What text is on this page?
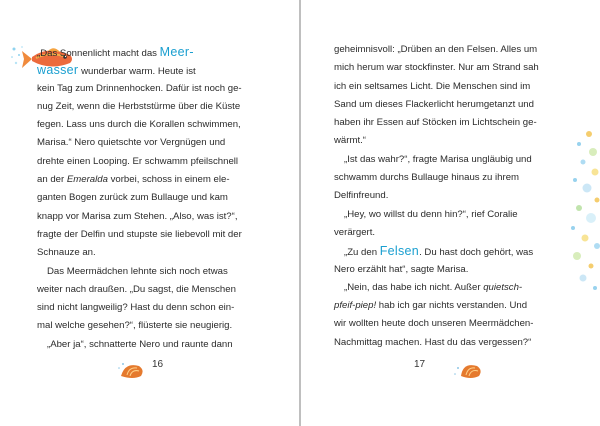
„Das Sonnenlicht macht das Meer-
wasser wunderbar warm. Heute ist
kein Tag zum Drinnenhocken. Dafür ist noch ge-
nug Zeit, wenn die Herbststürme über die Küste
fegen. Lass uns durch die Korallen schwimmen,
Marisa.“ Nero quietschte vor Vergnügen und
drehte einen Looping. Er schwamm pfeilschnell
an der Emeralda vorbei, schoss in einem ele-
ganten Bogen zurück zum Bullauge und kam
knapp vor Marisa zum Stehen. „Also, was ist?“,
fragte der Delfin und stupste sie liebevoll mit der
Schnauze an.
Das Meermädchen lehnte sich noch etwas
weiter nach draußen. „Du sagst, die Menschen
sind nicht langweilig? Hast du denn schon ein-
mal welche gesehen?“, flüsterte sie neugierig.
„Aber ja“, schnatterte Nero und raunte dann
16
geheimnisvoll: „Drüben an den Felsen. Alles um
mich herum war stockfinster. Nur am Strand sah
ich ein seltsames Licht. Die Menschen sind im
Sand um dieses Flackerlicht herumgetanzt und
haben ihr Essen auf Stöcken im Lichtschein ge-
wärmt.“
„Ist das wahr?“, fragte Marisa ungläubig und
schwamm durchs Bullauge hinaus zu ihrem
Delfinfreund.
„Hey, wo willst du denn hin?“, rief Coralie
verärgert.
„Zu den Felsen. Du hast doch gehört, was
Nero erzählt hat“, sagte Marisa.
„Nein, das habe ich nicht. Außer quietsch-
pfeif-piep! hab ich gar nichts verstanden. Und
wir wollten heute doch unseren Meermädchen-
Nachmittag machen. Hast du das vergessen?“
17
